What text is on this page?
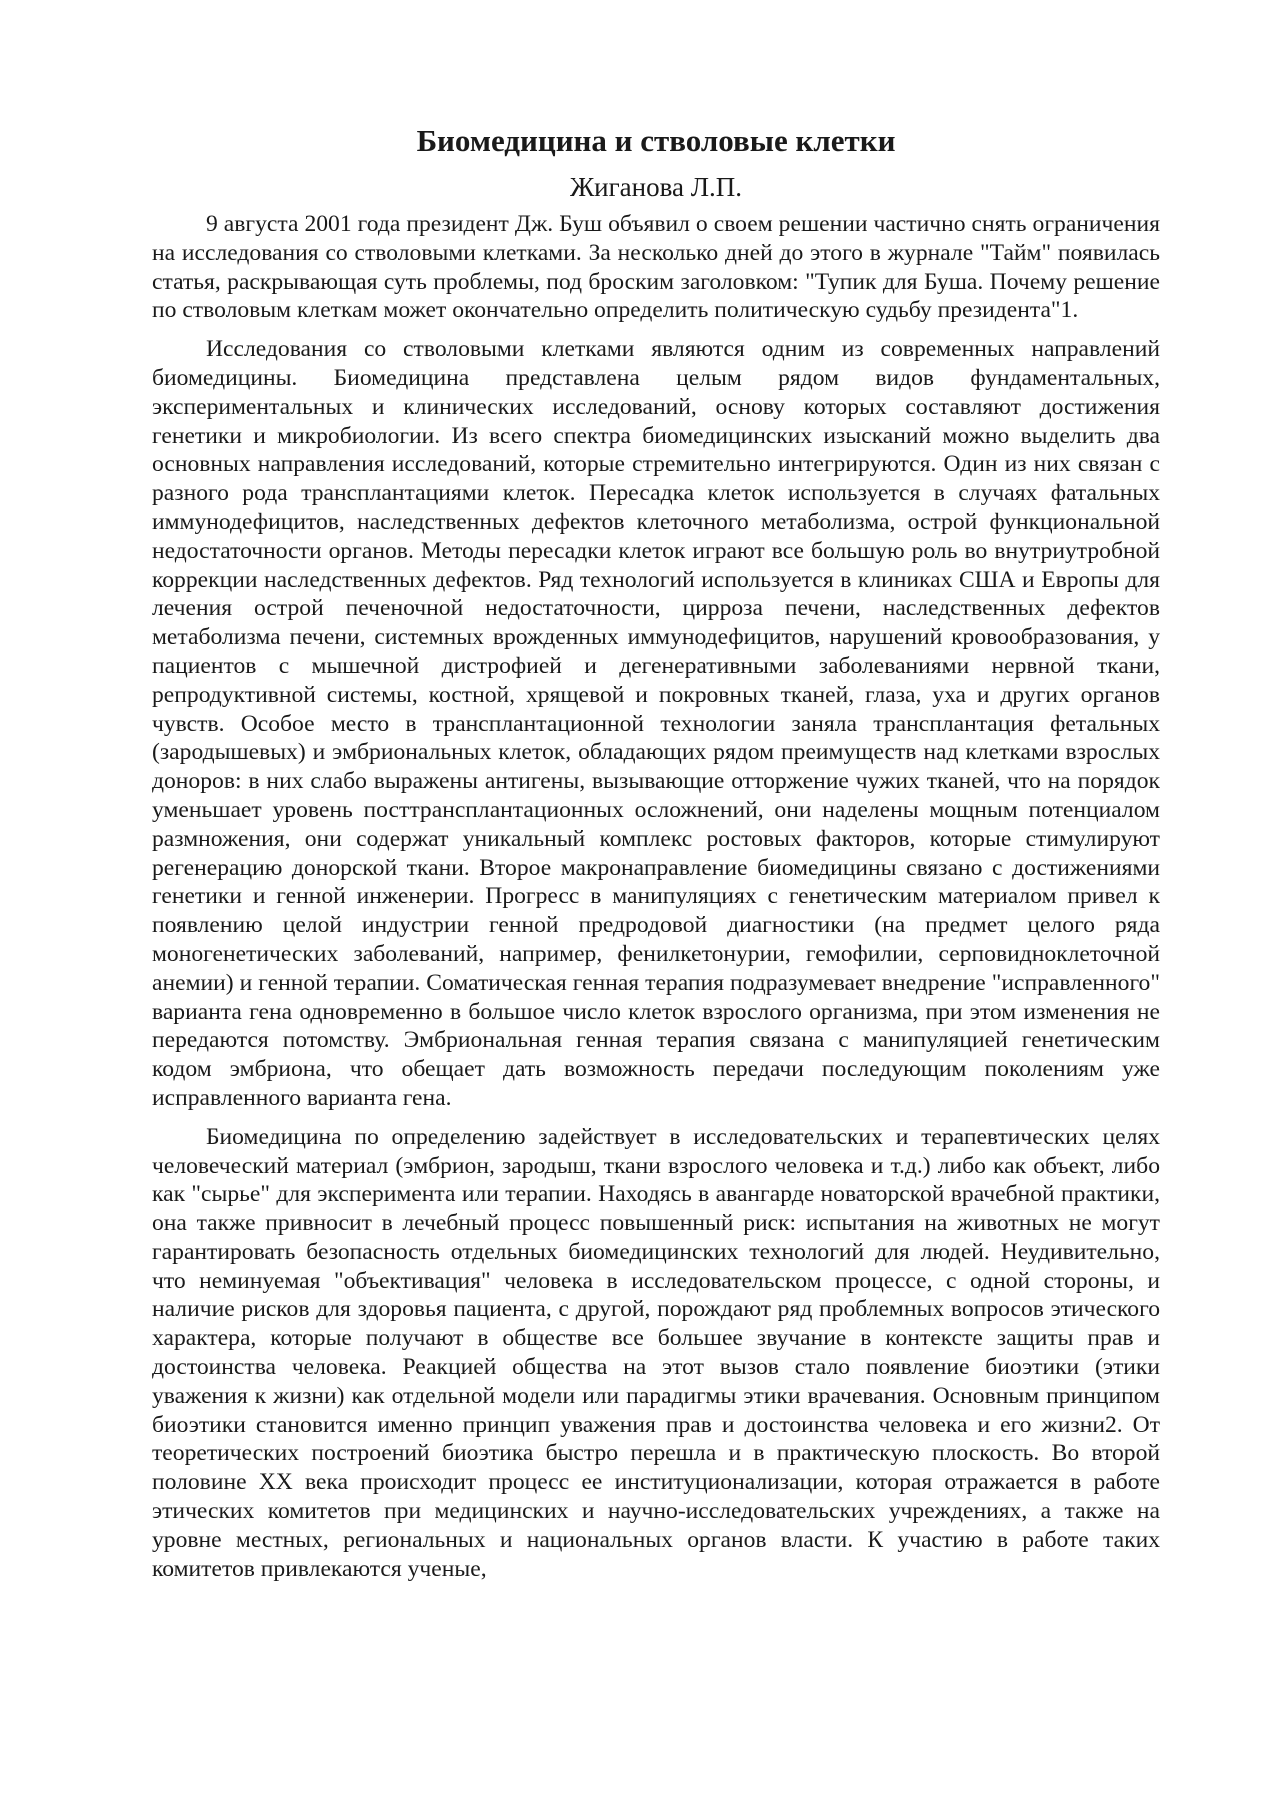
Биомедицина и стволовые клетки
Жиганова Л.П.

9 августа 2001 года президент Дж. Буш объявил о своем решении частично снять ограничения на исследования со стволовыми клетками. За несколько дней до этого в журнале "Тайм" появилась статья, раскрывающая суть проблемы, под броским заголовком: "Тупик для Буша. Почему решение по стволовым клеткам может окончательно определить политическую судьбу президента"1.

Исследования со стволовыми клетками являются одним из современных направлений биомедицины. Биомедицина представлена целым рядом видов фундаментальных, экспериментальных и клинических исследований, основу которых составляют достижения генетики и микробиологии. Из всего спектра биомедицинских изысканий можно выделить два основных направления исследований, которые стремительно интегрируются. Один из них связан с разного рода трансплантациями клеток. Пересадка клеток используется в случаях фатальных иммунодефицитов, наследственных дефектов клеточного метаболизма, острой функциональной недостаточности органов. Методы пересадки клеток играют все большую роль во внутриутробной коррекции наследственных дефектов. Ряд технологий используется в клиниках США и Европы для лечения острой печеночной недостаточности, цирроза печени, наследственных дефектов метаболизма печени, системных врожденных иммунодефицитов, нарушений кровообразования, у пациентов с мышечной дистрофией и дегенеративными заболеваниями нервной ткани, репродуктивной системы, костной, хрящевой и покровных тканей, глаза, уха и других органов чувств. Особое место в трансплантационной технологии заняла трансплантация фетальных (зародышевых) и эмбриональных клеток, обладающих рядом преимуществ над клетками взрослых доноров: в них слабо выражены антигены, вызывающие отторжение чужих тканей, что на порядок уменьшает уровень посттрансплантационных осложнений, они наделены мощным потенциалом размножения, они содержат уникальный комплекс ростовых факторов, которые стимулируют регенерацию донорской ткани. Второе макронаправление биомедицины связано с достижениями генетики и генной инженерии. Прогресс в манипуляциях с генетическим материалом привел к появлению целой индустрии генной предродовой диагностики (на предмет целого ряда моногенетических заболеваний, например, фенилкетонурии, гемофилии, серповидноклеточной анемии) и генной терапии. Соматическая генная терапия подразумевает внедрение "исправленного" варианта гена одновременно в большое число клеток взрослого организма, при этом изменения не передаются потомству. Эмбриональная генная терапия связана с манипуляцией генетическим кодом эмбриона, что обещает дать возможность передачи последующим поколениям уже исправленного варианта гена.

Биомедицина по определению задействует в исследовательских и терапевтических целях человеческий материал (эмбрион, зародыш, ткани взрослого человека и т.д.) либо как объект, либо как "сырье" для эксперимента или терапии. Находясь в авангарде новаторской врачебной практики, она также привносит в лечебный процесс повышенный риск: испытания на животных не могут гарантировать безопасность отдельных биомедицинских технологий для людей. Неудивительно, что неминуемая "объективация" человека в исследовательском процессе, с одной стороны, и наличие рисков для здоровья пациента, с другой, порождают ряд проблемных вопросов этического характера, которые получают в обществе все большее звучание в контексте защиты прав и достоинства человека. Реакцией общества на этот вызов стало появление биоэтики (этики уважения к жизни) как отдельной модели или парадигмы этики врачевания. Основным принципом биоэтики становится именно принцип уважения прав и достоинства человека и его жизни2. От теоретических построений биоэтика быстро перешла и в практическую плоскость. Во второй половине XX века происходит процесс ее институционализации, которая отражается в работе этических комитетов при медицинских и научно-исследовательских учреждениях, а также на уровне местных, региональных и национальных органов власти. К участию в работе таких комитетов привлекаются ученые,
